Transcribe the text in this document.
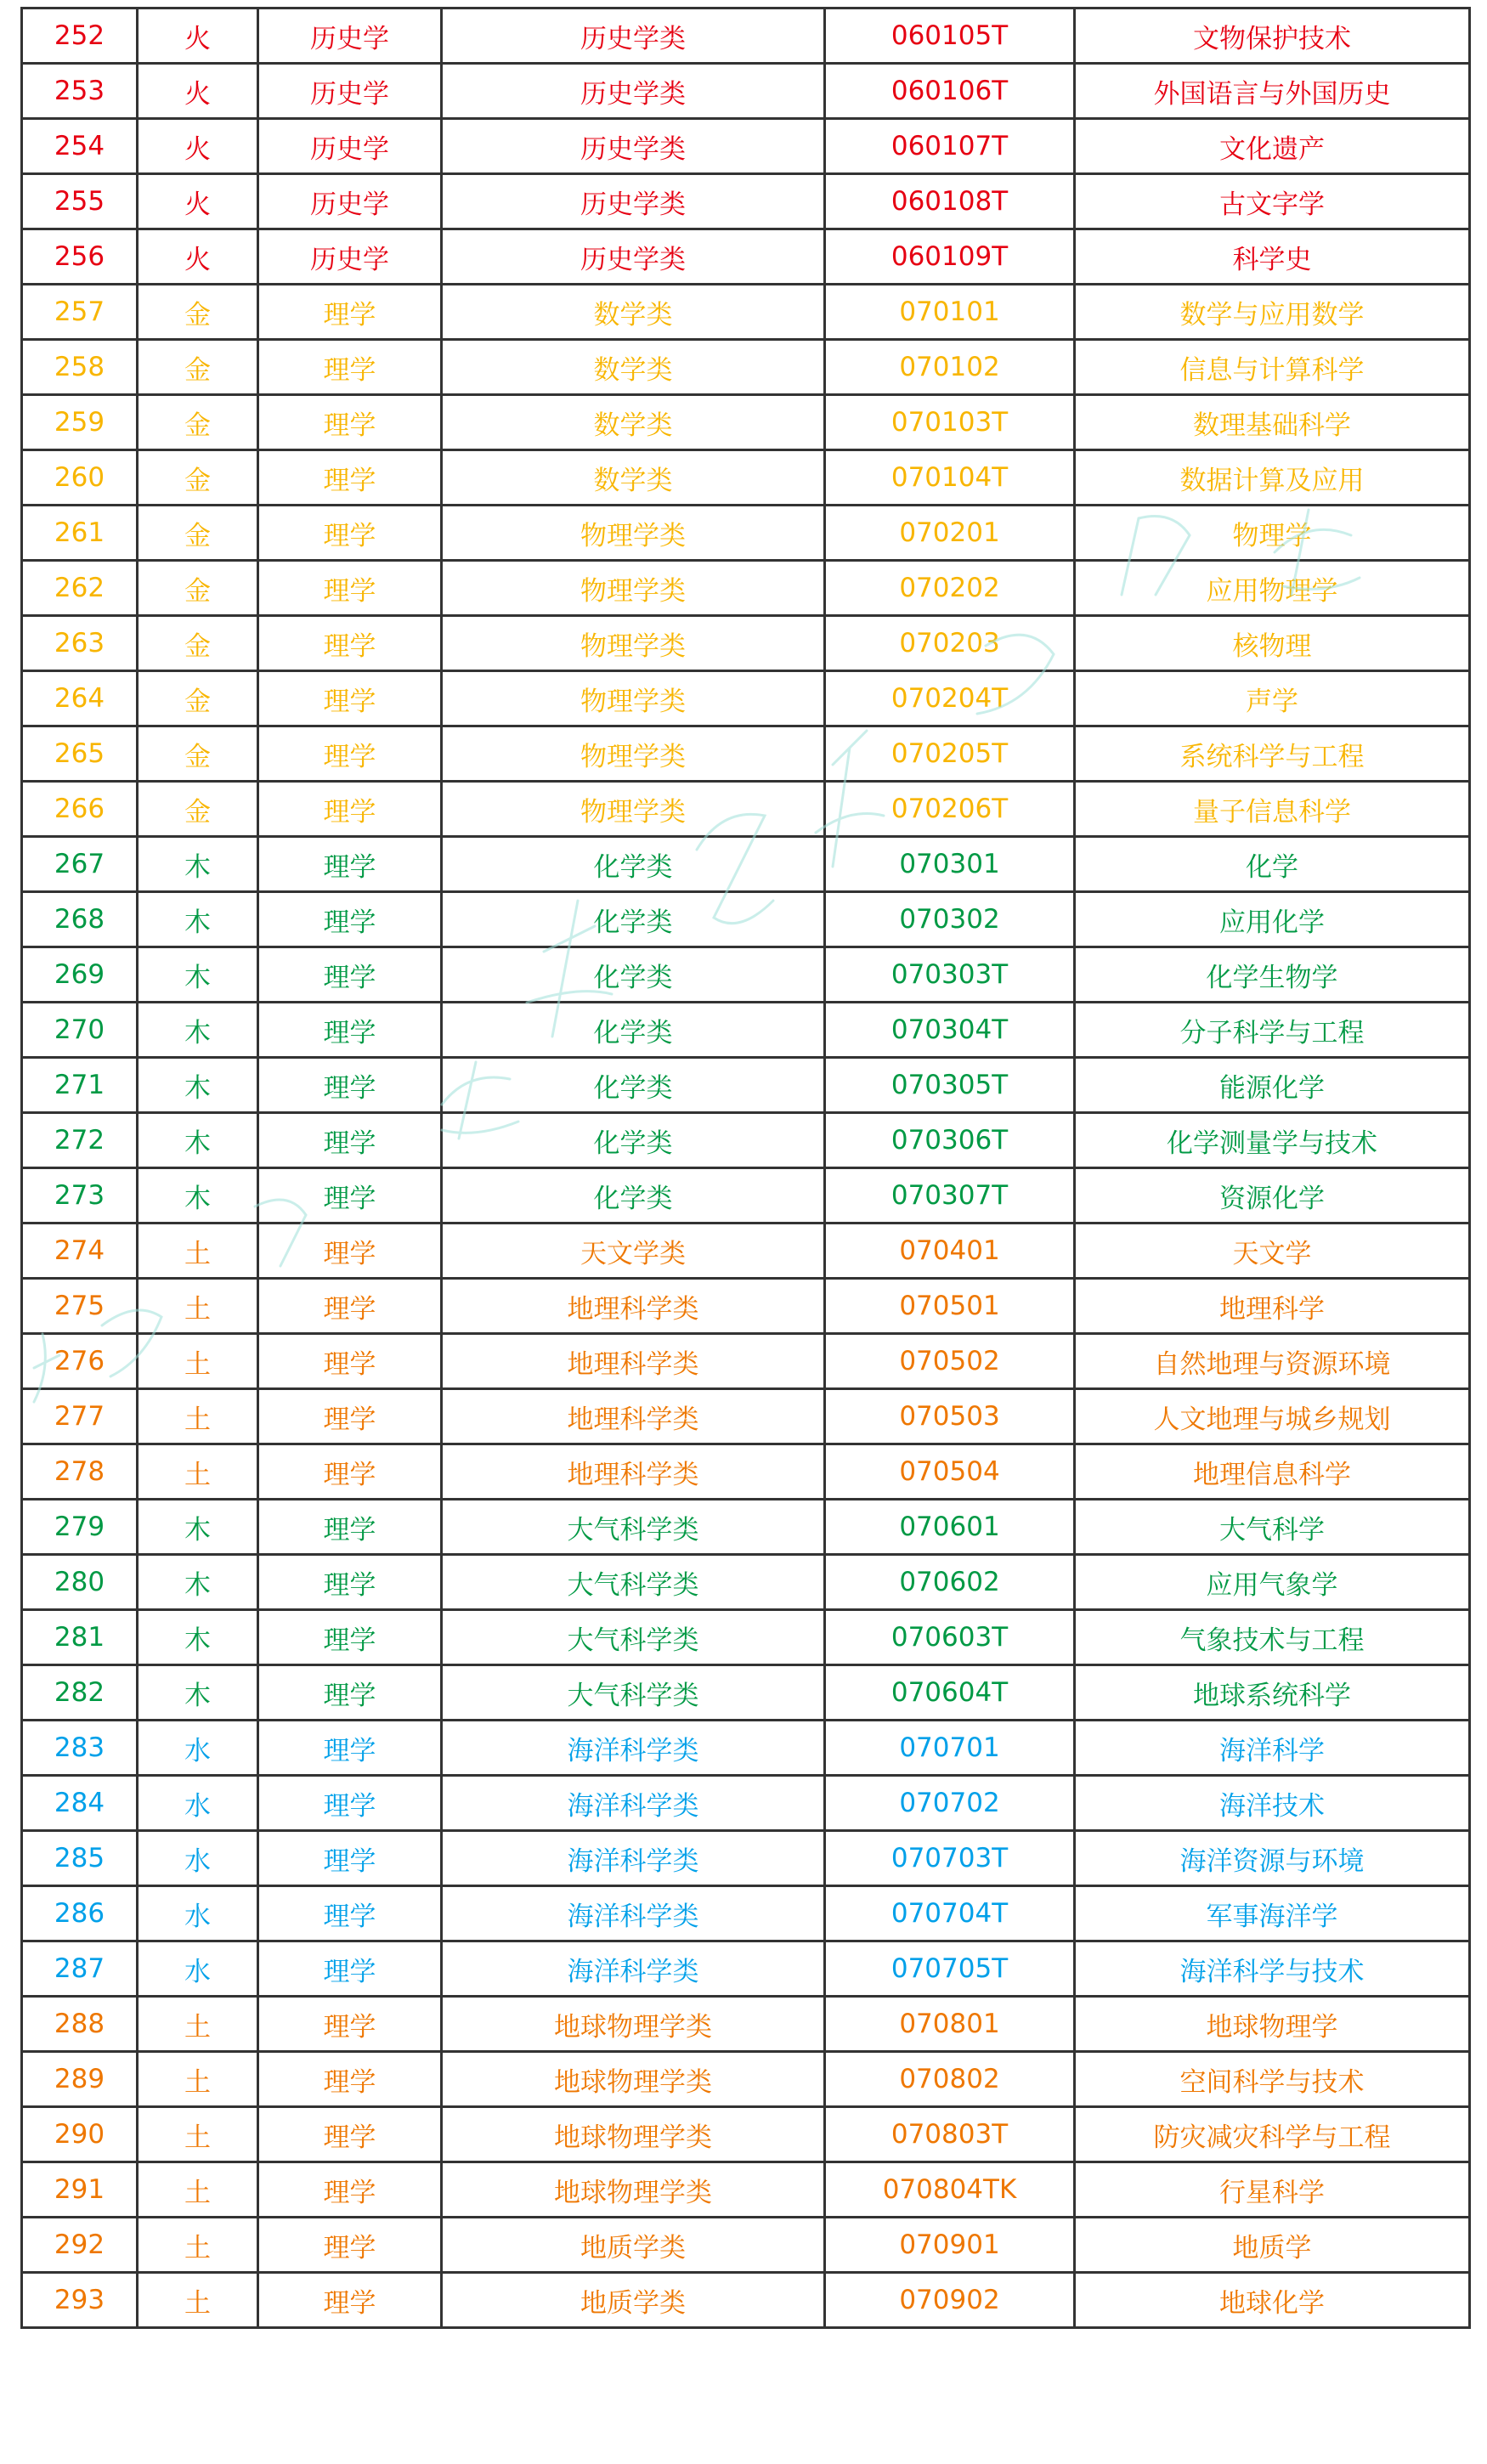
252	火	历史学	历史学类	060105T	文物保护技术
253	火	历史学	历史学类	060106T	外国语言与外国历史
254	火	历史学	历史学类	060107T	文化遗产
255	火	历史学	历史学类	060108T	古文字学
256	火	历史学	历史学类	060109T	科学史
257	金	理学	数学类	070101	数学与应用数学
258	金	理学	数学类	070102	信息与计算科学
259	金	理学	数学类	070103T	数理基础科学
260	金	理学	数学类	070104T	数据计算及应用
261	金	理学	物理学类	070201	物理学
262	金	理学	物理学类	070202	应用物理学
263	金	理学	物理学类	070203	核物理
264	金	理学	物理学类	070204T	声学
265	金	理学	物理学类	070205T	系统科学与工程
266	金	理学	物理学类	070206T	量子信息科学
267	木	理学	化学类	070301	化学
268	木	理学	化学类	070302	应用化学
269	木	理学	化学类	070303T	化学生物学
270	木	理学	化学类	070304T	分子科学与工程
271	木	理学	化学类	070305T	能源化学
272	木	理学	化学类	070306T	化学测量学与技术
273	木	理学	化学类	070307T	资源化学
274	土	理学	天文学类	070401	天文学
275	土	理学	地理科学类	070501	地理科学
276	土	理学	地理科学类	070502	自然地理与资源环境
277	土	理学	地理科学类	070503	人文地理与城乡规划
278	土	理学	地理科学类	070504	地理信息科学
279	木	理学	大气科学类	070601	大气科学
280	木	理学	大气科学类	070602	应用气象学
281	木	理学	大气科学类	070603T	气象技术与工程
282	木	理学	大气科学类	070604T	地球系统科学
283	水	理学	海洋科学类	070701	海洋科学
284	水	理学	海洋科学类	070702	海洋技术
285	水	理学	海洋科学类	070703T	海洋资源与环境
286	水	理学	海洋科学类	070704T	军事海洋学
287	水	理学	海洋科学类	070705T	海洋科学与技术
288	土	理学	地球物理学类	070801	地球物理学
289	土	理学	地球物理学类	070802	空间科学与技术
290	土	理学	地球物理学类	070803T	防灾减灾科学与工程
291	土	理学	地球物理学类	070804TK	行星科学
292	土	理学	地质学类	070901	地质学
293	土	理学	地质学类	070902	地球化学
